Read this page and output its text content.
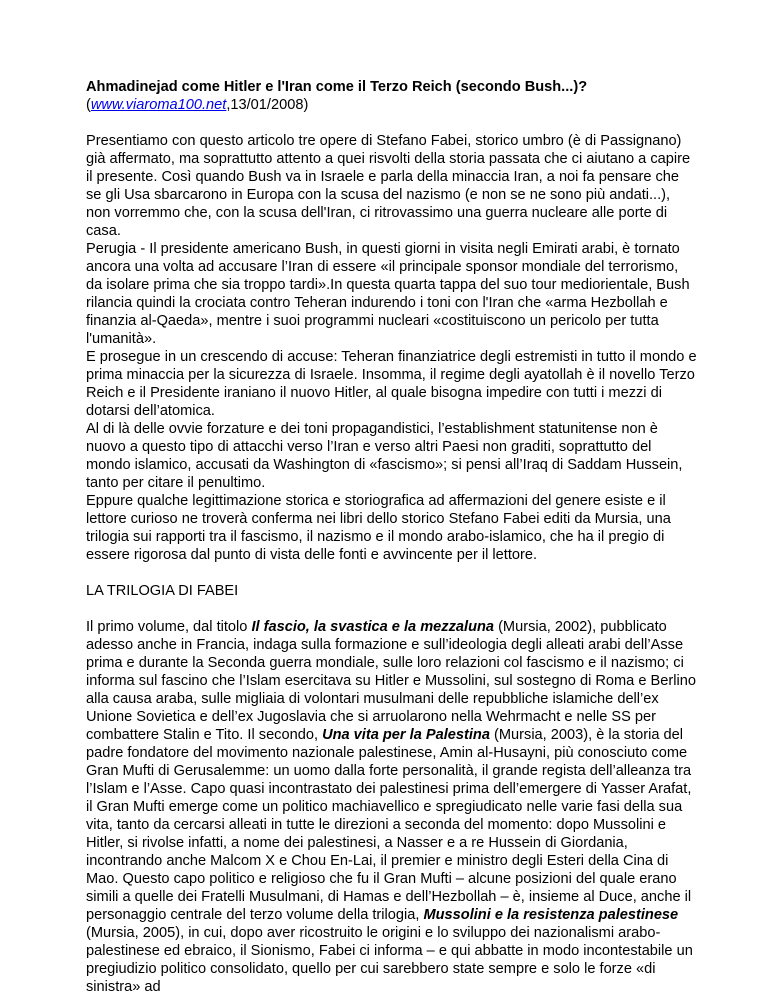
Ahmadinejad come Hitler e l'Iran come il Terzo Reich (secondo Bush...)?
(www.viaroma100.net,13/01/2008)

Presentiamo con questo articolo tre opere di Stefano Fabei, storico umbro (è di Passignano) già affermato, ma soprattutto attento a quei risvolti della storia passata che ci aiutano a capire il presente. Così quando Bush va in Israele e parla della minaccia Iran, a noi fa pensare che se gli Usa sbarcarono in Europa con la scusa del nazismo (e non se ne sono più andati...), non vorremmo che, con la scusa dell'Iran, ci ritrovassimo una guerra nucleare alle porte di casa.

Perugia - Il presidente americano Bush, in questi giorni in visita negli Emirati arabi, è tornato ancora una volta ad accusare l’Iran di essere «il principale sponsor mondiale del terrorismo, da isolare prima che sia troppo tardi».In questa quarta tappa del suo tour mediorientale, Bush rilancia quindi la crociata contro Teheran indurendo i toni con l'Iran che «arma Hezbollah e finanzia al-Qaeda», mentre i suoi programmi nucleari «costituiscono un pericolo per tutta l'umanità».

E prosegue in un crescendo di accuse: Teheran finanziatrice degli estremisti in tutto il mondo e prima minaccia per la sicurezza di Israele. Insomma, il regime degli ayatollah è il novello Terzo Reich e il Presidente iraniano il nuovo Hitler, al quale bisogna impedire con tutti i mezzi di dotarsi dell’atomica.

Al di là delle ovvie forzature e dei toni propagandistici, l’establishment statunitense non è nuovo a questo tipo di attacchi verso l’Iran e verso altri Paesi non graditi, soprattutto del mondo islamico, accusati da Washington di «fascismo»; si pensi all’Iraq di Saddam Hussein, tanto per citare il penultimo.

Eppure qualche legittimazione storica e storiografica ad affermazioni del genere esiste e il lettore curioso ne troverà conferma nei libri dello storico Stefano Fabei editi da Mursia, una trilogia sui rapporti tra il fascismo, il nazismo e il mondo arabo-islamico, che ha il pregio di essere rigorosa dal punto di vista delle fonti e avvincente per il lettore.

LA TRILOGIA DI FABEI

Il primo volume, dal titolo Il fascio, la svastica e la mezzaluna (Mursia, 2002), pubblicato adesso anche in Francia, indaga sulla formazione e sull’ideologia degli alleati arabi dell’Asse prima e durante la Seconda guerra mondiale, sulle loro relazioni col fascismo e il nazismo; ci informa sul fascino che l’Islam esercitava su Hitler e Mussolini, sul sostegno di Roma e Berlino alla causa araba, sulle migliaia di volontari musulmani delle repubbliche islamiche dell’ex Unione Sovietica e dell’ex Jugoslavia che si arruolarono nella Wehrmacht e nelle SS per combattere Stalin e Tito. Il secondo, Una vita per la Palestina (Mursia, 2003), è la storia del padre fondatore del movimento nazionale palestinese, Amin al-Husayni, più conosciuto come Gran Mufti di Gerusalemme: un uomo dalla forte personalità, il grande regista dell’alleanza tra l’Islam e l’Asse. Capo quasi incontrastato dei palestinesi prima dell’emergere di Yasser Arafat, il Gran Mufti emerge come un politico machiavellico e spregiudicato nelle varie fasi della sua vita, tanto da cercarsi alleati in tutte le direzioni a seconda del momento: dopo Mussolini e Hitler, si rivolse infatti, a nome dei palestinesi, a Nasser e a re Hussein di Giordania, incontrando anche Malcom X e Chou En-Lai, il premier e ministro degli Esteri della Cina di Mao. Questo capo politico e religioso che fu il Gran Mufti – alcune posizioni del quale erano simili a quelle dei Fratelli Musulmani, di Hamas e dell’Hezbollah – è, insieme al Duce, anche il personaggio centrale del terzo volume della trilogia, Mussolini e la resistenza palestinese (Mursia, 2005), in cui, dopo aver ricostruito le origini e lo sviluppo dei nazionalismi arabo-palestinese ed ebraico, il Sionismo, Fabei ci informa – e qui abbatte in modo incontestabile un pregiudizio politico consolidato, quello per cui sarebbero state sempre e solo le forze «di sinistra» ad
